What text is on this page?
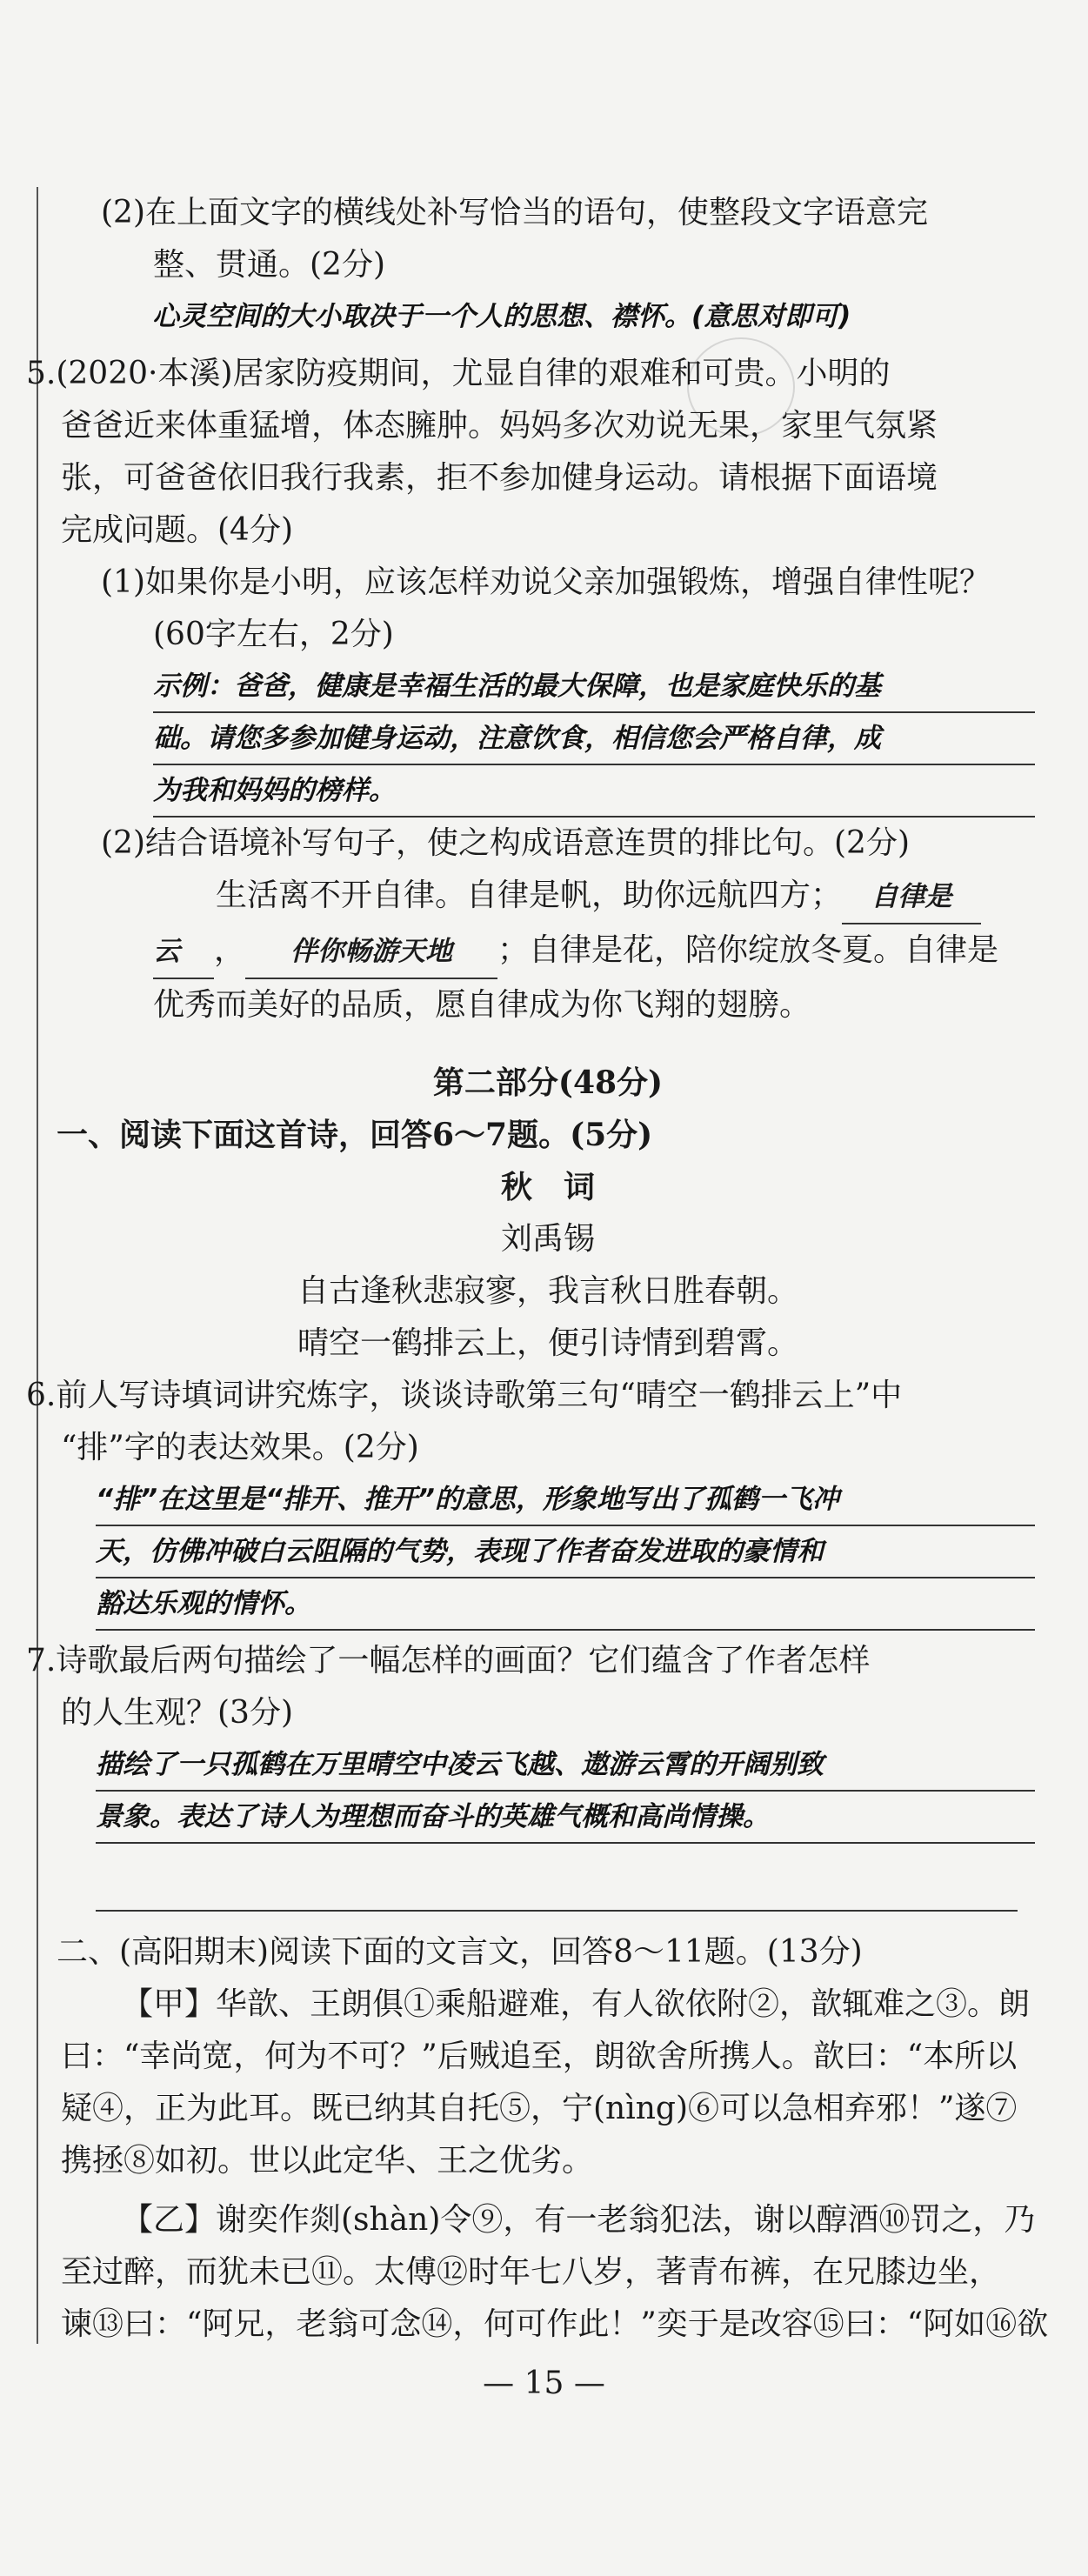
(2)在上面文字的横线处补写恰当的语句，使整段文字语意完
整、贯通。(2分)
心灵空间的大小取决于一个人的思想、襟怀。(意思对即可)
5.(2020·本溪)居家防疫期间，尤显自律的艰难和可贵。小明的
爸爸近来体重猛增，体态臃肿。妈妈多次劝说无果，家里气氛紧
张，可爸爸依旧我行我素，拒不参加健身运动。请根据下面语境
完成问题。(4分)
(1)如果你是小明，应该怎样劝说父亲加强锻炼，增强自律性呢？
(60字左右，2分)
示例：爸爸，健康是幸福生活的最大保障，也是家庭快乐的基
础。请您多参加健身运动，注意饮食，相信您会严格自律，成
为我和妈妈的榜样。
(2)结合语境补写句子，使之构成语意连贯的排比句。(2分)
生活离不开自律。自律是帆，助你远航四方； 自律是
云 ， 伴你畅游天地 ；自律是花，陪你绽放冬夏。自律是
优秀而美好的品质，愿自律成为你飞翔的翅膀。
第二部分(48分)
一、阅读下面这首诗，回答6～7题。(5分)
秋　词
刘禹锡
自古逢秋悲寂寥，我言秋日胜春朝。
晴空一鹤排云上，便引诗情到碧霄。
6.前人写诗填词讲究炼字，谈谈诗歌第三句“晴空一鹤排云上”中
“排”字的表达效果。(2分)
“排”在这里是“排开、推开”的意思，形象地写出了孤鹤一飞冲
天，仿佛冲破白云阻隔的气势，表现了作者奋发进取的豪情和
豁达乐观的情怀。
7.诗歌最后两句描绘了一幅怎样的画面？它们蕴含了作者怎样
的人生观？(3分)
描绘了一只孤鹤在万里晴空中凌云飞越、遨游云霄的开阔别致
景象。表达了诗人为理想而奋斗的英雄气概和高尚情操。
二、(高阳期末)阅读下面的文言文，回答8～11题。(13分)
【甲】华歆、王朗俱①乘船避难，有人欲依附②，歆辄难之③。朗
曰：“幸尚宽，何为不可？”后贼追至，朗欲舍所携人。歆曰：“本所以
疑④，正为此耳。既已纳其自托⑤，宁(nìng)⑥可以急相弃邪！”遂⑦
携拯⑧如初。世以此定华、王之优劣。
【乙】谢奕作剡(shàn)令⑨，有一老翁犯法，谢以醇酒⑩罚之，乃
至过醉，而犹未已⑪。太傅⑫时年七八岁，著青布裤，在兄膝边坐，
谏⑬曰：“阿兄，老翁可念⑭，何可作此！”奕于是改容⑮曰：“阿如⑯欲
— 15 —
